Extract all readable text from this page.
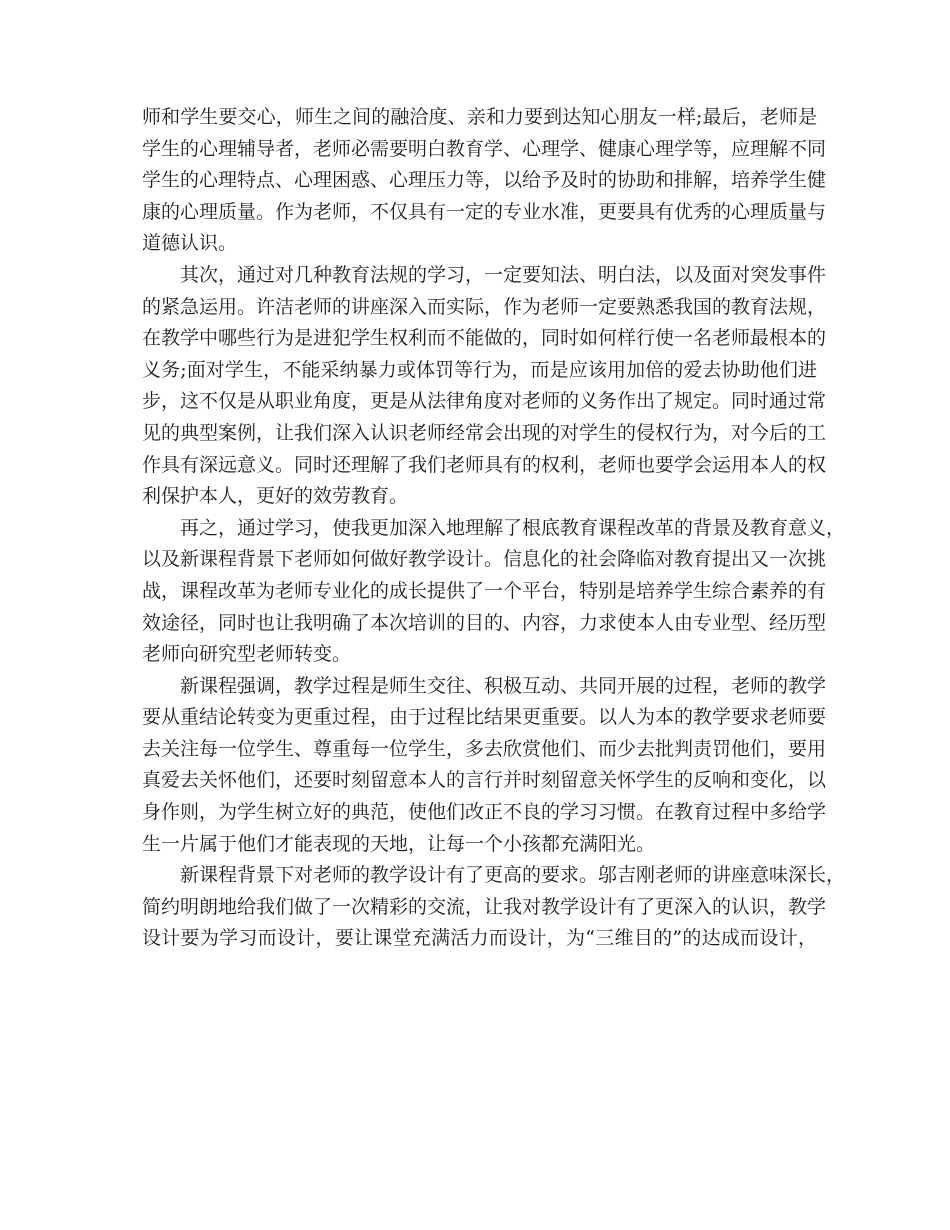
师和学生要交心，师生之间的融洽度、亲和力要到达知心朋友一样;最后，老师是
学生的心理辅导者，老师必需要明白教育学、心理学、健康心理学等，应理解不同
学生的心理特点、心理困惑、心理压力等，以给予及时的协助和排解，培养学生健
康的心理质量。作为老师，不仅具有一定的专业水准，更要具有优秀的心理质量与
道德认识。
其次，通过对几种教育法规的学习，一定要知法、明白法，以及面对突发事件
的紧急运用。许洁老师的讲座深入而实际，作为老师一定要熟悉我国的教育法规，
在教学中哪些行为是进犯学生权利而不能做的，同时如何样行使一名老师最根本的
义务;面对学生，不能采纳暴力或体罚等行为，而是应该用加倍的爱去协助他们进
步，这不仅是从职业角度，更是从法律角度对老师的义务作出了规定。同时通过常
见的典型案例，让我们深入认识老师经常会出现的对学生的侵权行为，对今后的工
作具有深远意义。同时还理解了我们老师具有的权利，老师也要学会运用本人的权
利保护本人，更好的效劳教育。
再之，通过学习，使我更加深入地理解了根底教育课程改革的背景及教育意义，
以及新课程背景下老师如何做好教学设计。信息化的社会降临对教育提出又一次挑
战，课程改革为老师专业化的成长提供了一个平台，特别是培养学生综合素养的有
效途径，同时也让我明确了本次培训的目的、内容，力求使本人由专业型、经历型
老师向研究型老师转变。
新课程强调，教学过程是师生交往、积极互动、共同开展的过程，老师的教学
要从重结论转变为更重过程，由于过程比结果更重要。以人为本的教学要求老师要
去关注每一位学生、尊重每一位学生，多去欣赏他们、而少去批判责罚他们，要用
真爱去关怀他们，还要时刻留意本人的言行并时刻留意关怀学生的反响和变化，以
身作则，为学生树立好的典范，使他们改正不良的学习习惯。在教育过程中多给学
生一片属于他们才能表现的天地，让每一个小孩都充满阳光。
新课程背景下对老师的教学设计有了更高的要求。邬吉刚老师的讲座意味深长，
简约明朗地给我们做了一次精彩的交流，让我对教学设计有了更深入的认识，教学
设计要为学习而设计，要让课堂充满活力而设计，为“三维目的”的达成而设计，
